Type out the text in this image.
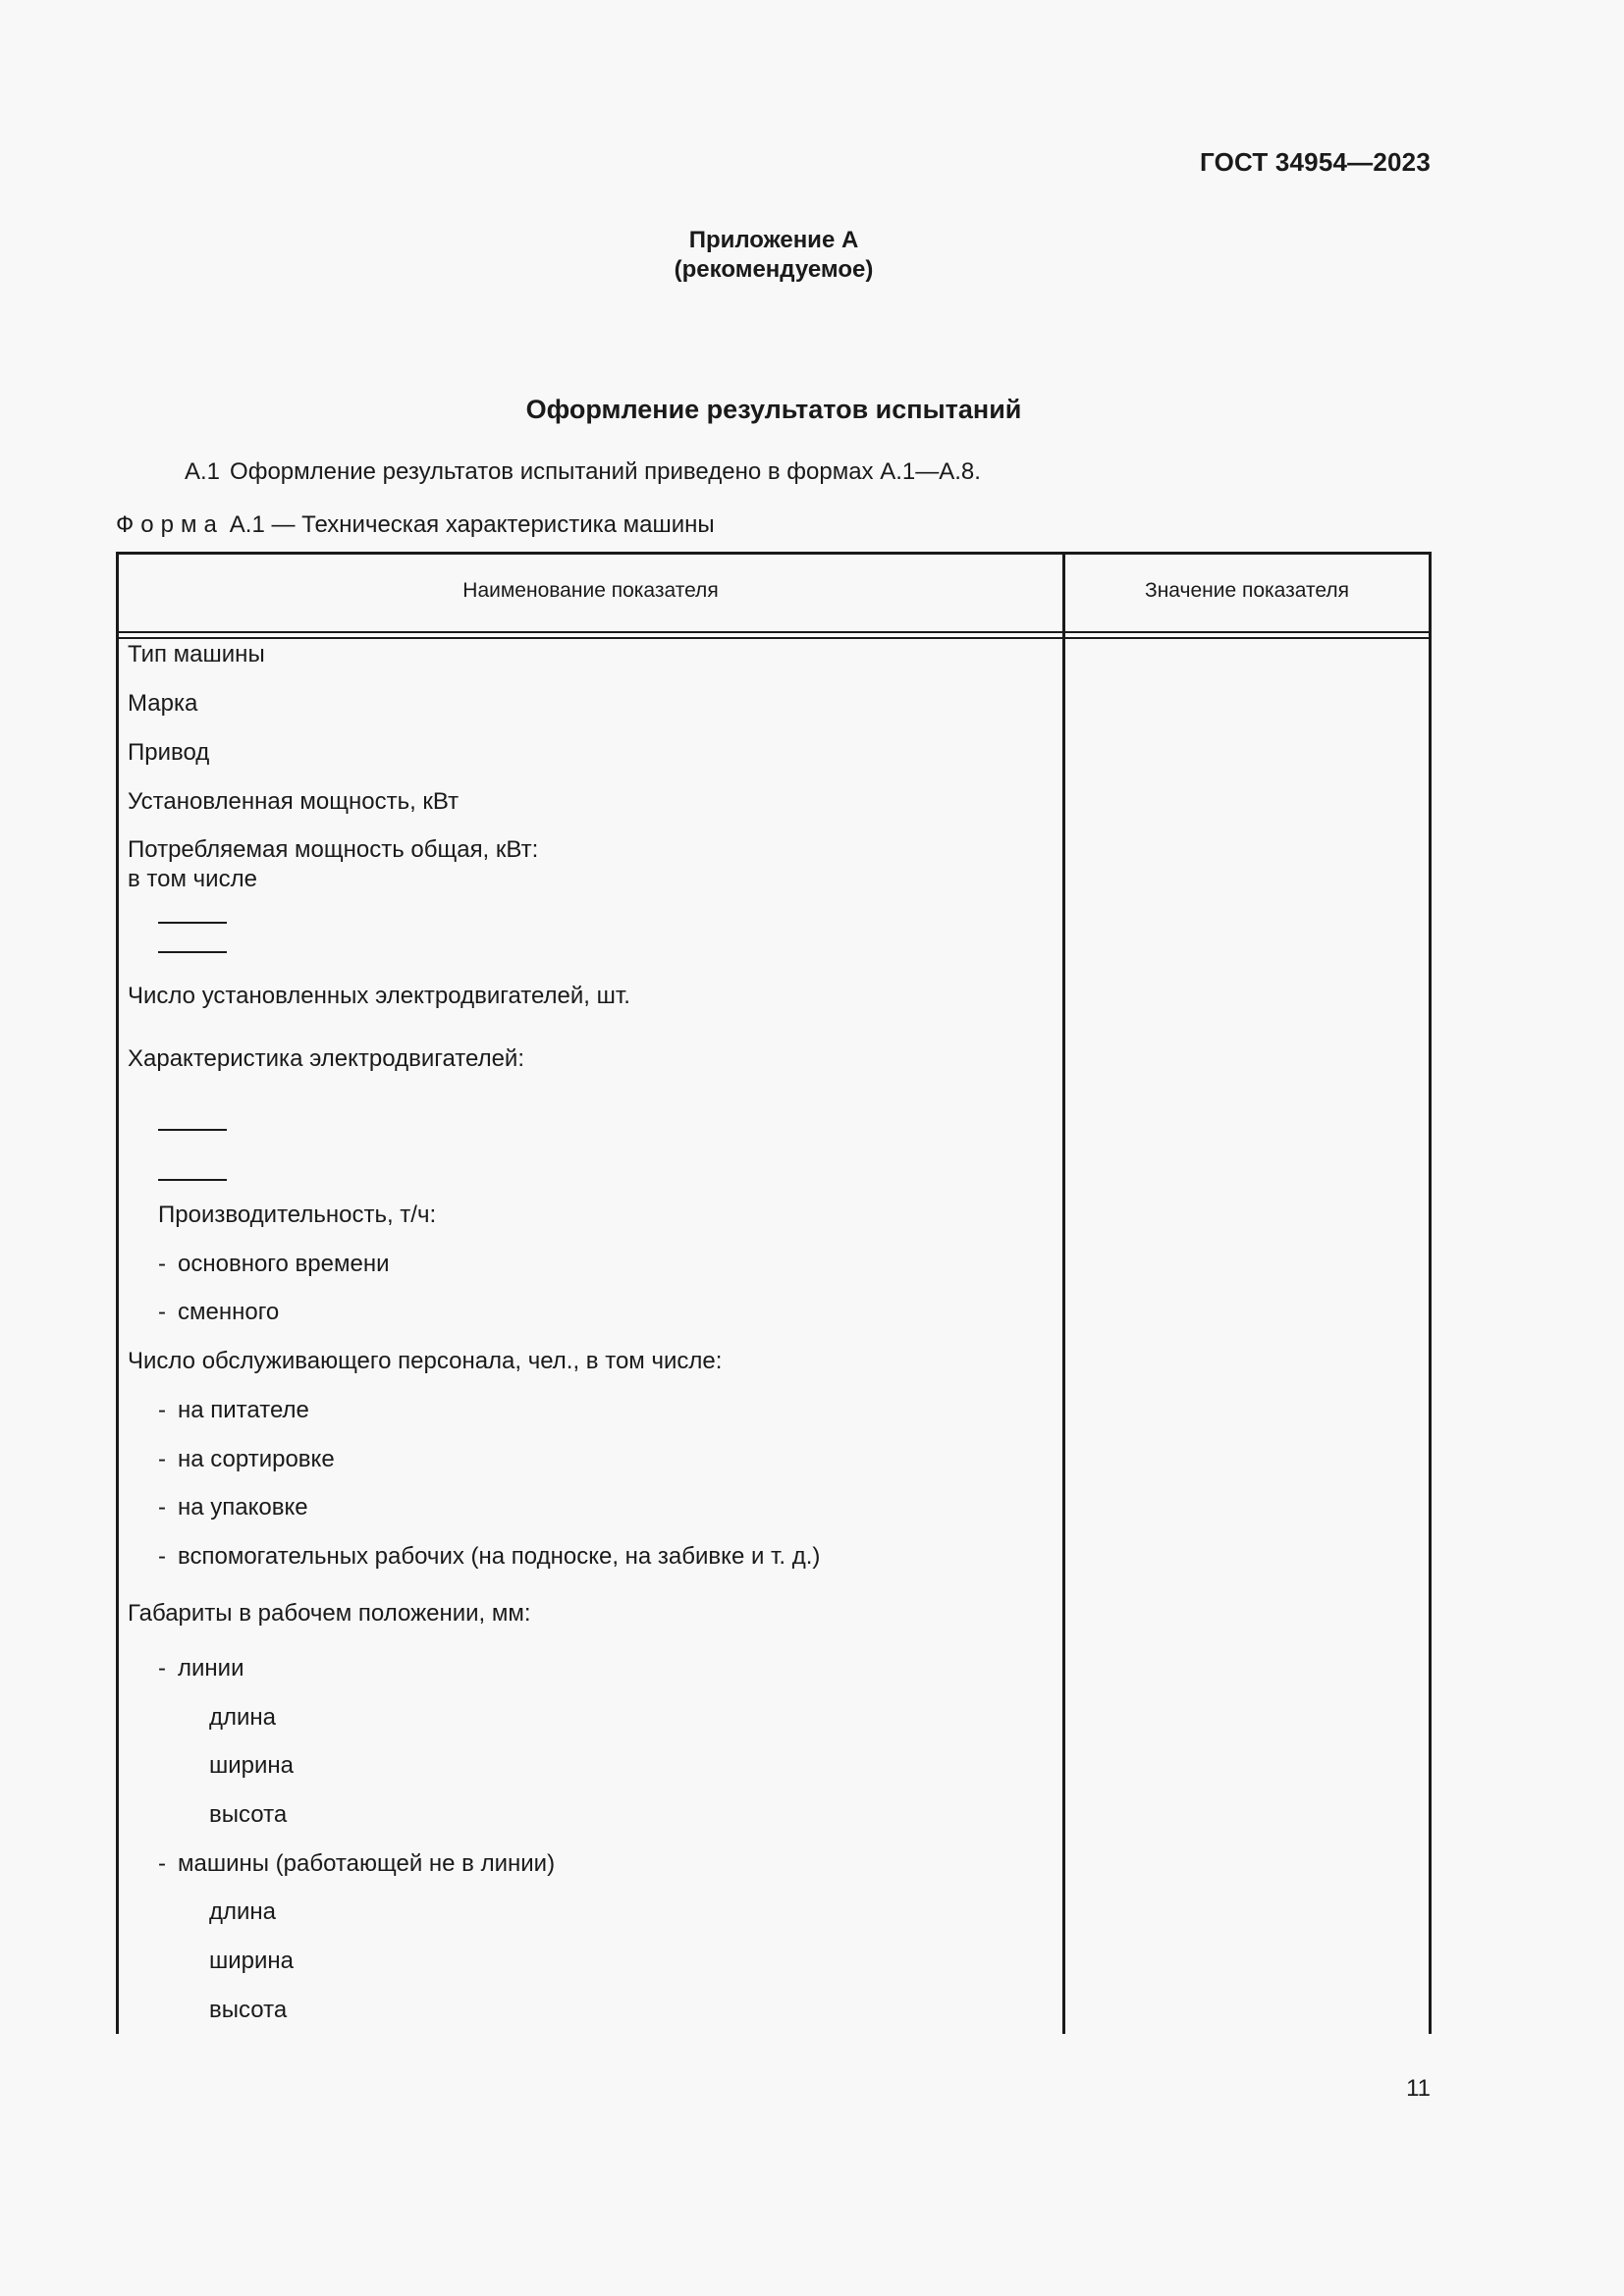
ГОСТ 34954—2023
Приложение А
(рекомендуемое)
Оформление результатов испытаний
А.1 Оформление результатов испытаний приведено в формах А.1—А.8.
Форма А.1 — Техническая характеристика машины
Наименование показателя	Значение показателя
Тип машины
Марка
Привод
Установленная мощность, кВт
Потребляемая мощность общая, кВт:
в том числе
Число установленных электродвигателей, шт.
Характеристика электродвигателей:
Производительность, т/ч:
- основного времени
- сменного
Число обслуживающего персонала, чел., в том числе:
- на питателе
- на сортировке
- на упаковке
- вспомогательных рабочих (на подноске, на забивке и т. д.)
Габариты в рабочем положении, мм:
- линии
длина
ширина
высота
- машины (работающей не в линии)
длина
ширина
высота
11
